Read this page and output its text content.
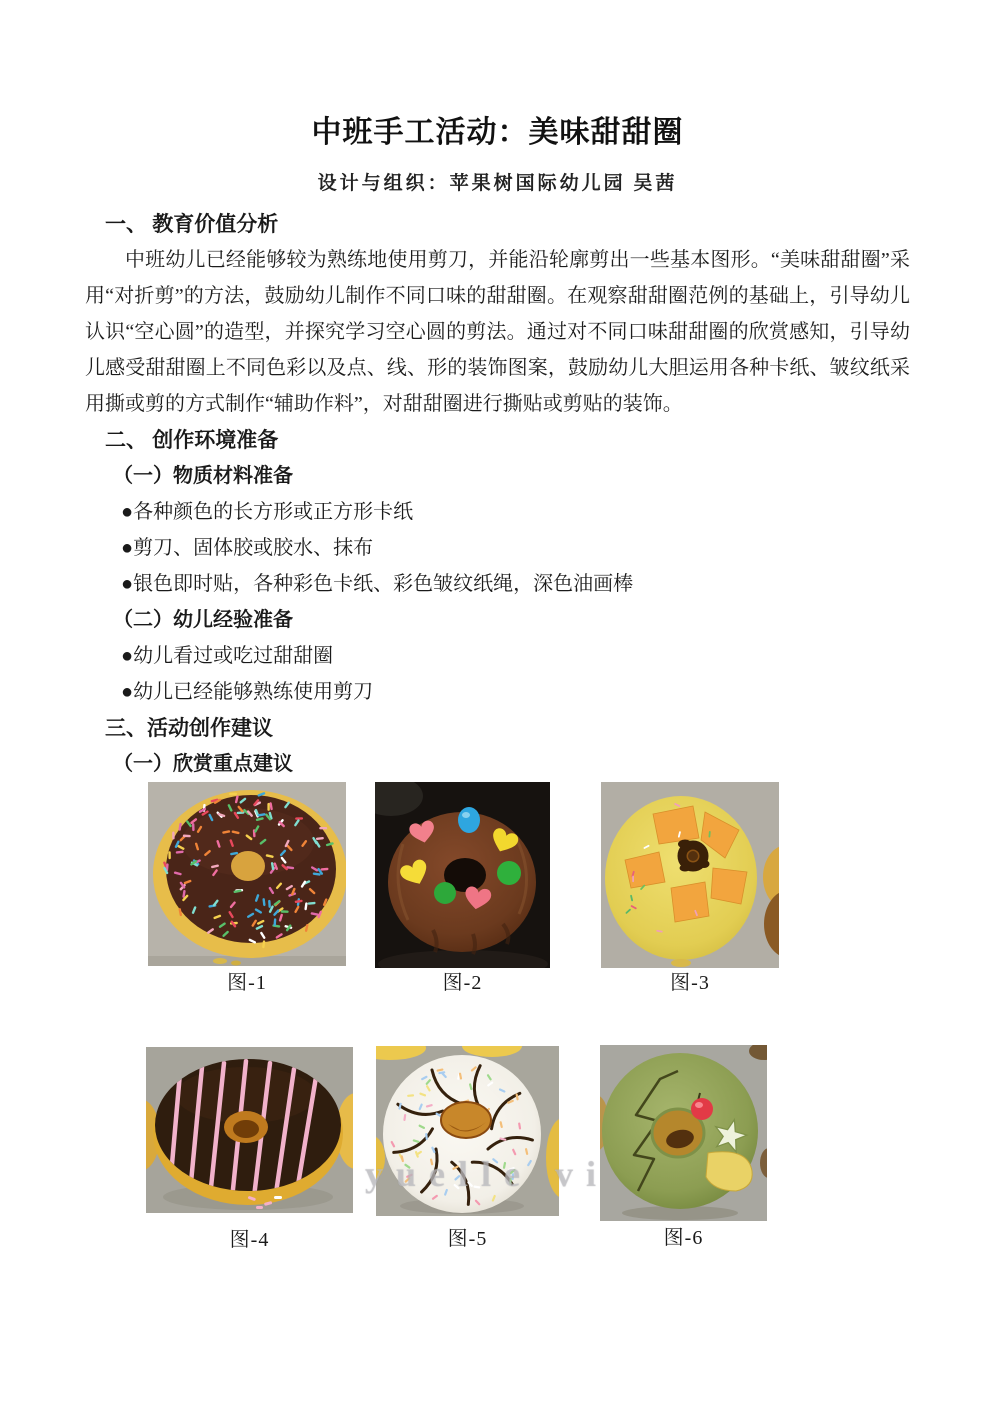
中班手工活动：美味甜甜圈
设计与组织：苹果树国际幼儿园 吴茜
一、 教育价值分析
中班幼儿已经能够较为熟练地使用剪刀，并能沿轮廓剪出一些基本图形。“美味甜甜圈”采用“对折剪”的方法，鼓励幼儿制作不同口味的甜甜圈。在观察甜甜圈范例的基础上，引导幼儿认识“空心圆”的造型，并探究学习空心圆的剪法。通过对不同口味甜甜圈的欣赏感知，引导幼儿感受甜甜圈上不同色彩以及点、线、形的装饰图案，鼓励幼儿大胆运用各种卡纸、皱纹纸采用撕或剪的方式制作“辅助作料”，对甜甜圈进行撕贴或剪贴的装饰。
二、 创作环境准备
（一）物质材料准备
●各种颜色的长方形或正方形卡纸
●剪刀、固体胶或胶水、抹布
●银色即时贴，各种彩色卡纸、彩色皱纹纸绳，深色油画棒
（二）幼儿经验准备
●幼儿看过或吃过甜甜圈
●幼儿已经能够熟练使用剪刀
三、活动创作建议
（一）欣赏重点建议
图-1	图-2	图-3
图-4	图-5	图-6
yuelle vi
